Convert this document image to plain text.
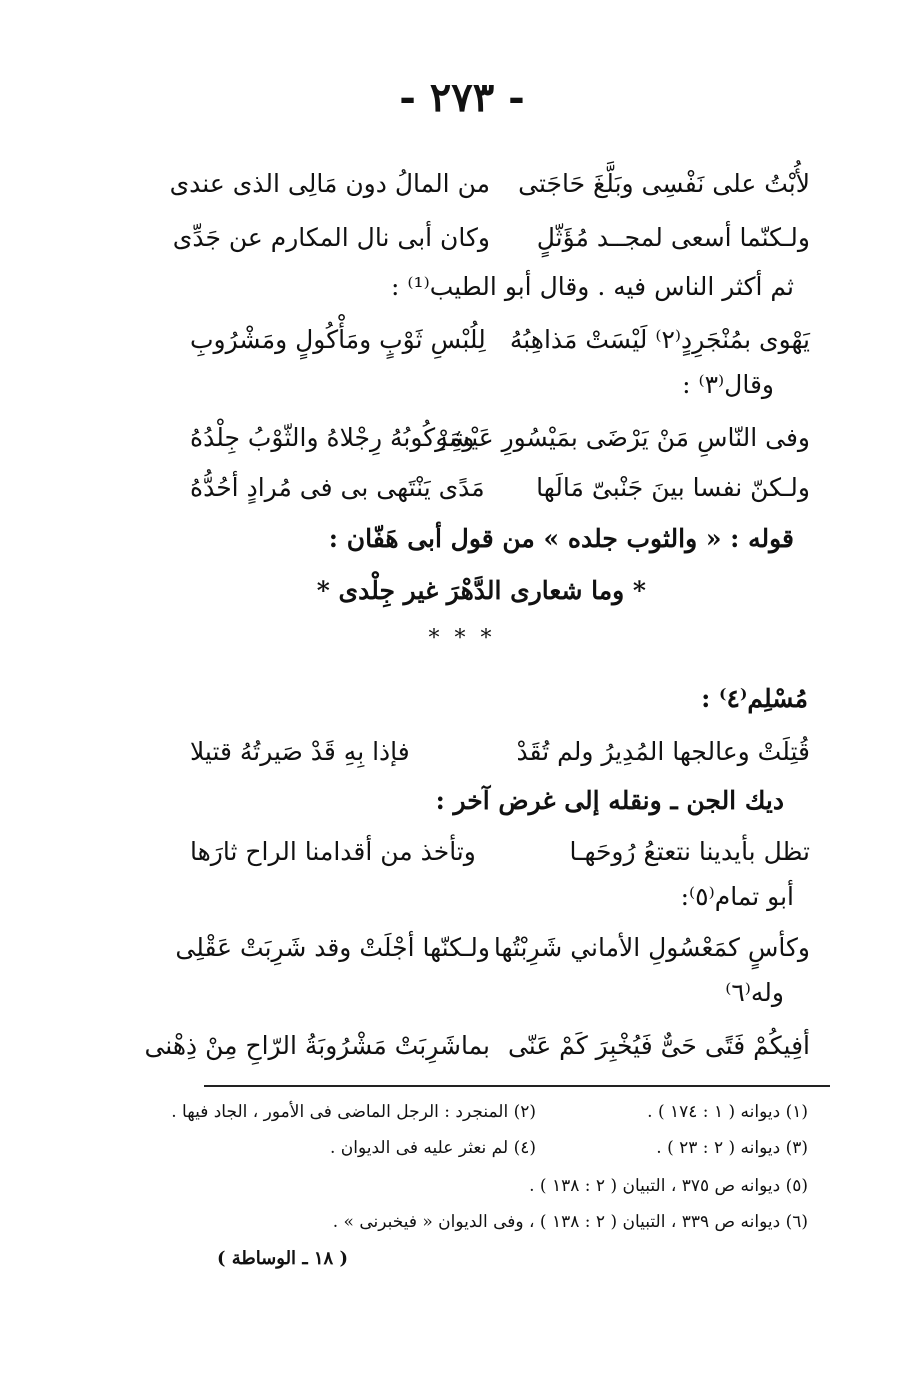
- ٢٧٣ -
لأُبْتُ على نَفْسِى وبَلَّغَ حَاجَتى
من المالُ دون مَالِى الذى عندى
ولـكنّما أسعى لمجــد مُؤَثّلٍ
وكان أبى نال المكارم عن جَدِّى
ثم أكثر الناس فيه . وقال أبو الطيب⁽¹⁾ :
يَهْوى بمُنْجَرِدٍ⁽٢⁾ لَيْسَتْ مَذاهِبُهُ
لِلُبْسِ ثَوْبٍ ومَأْكُولٍ ومَشْرُوبِ
وقال⁽٣⁾ :
وفى النّاسِ مَنْ يَرْضَى بمَيْسُورِ عَيْشِهِ
ومَرْكُوبُهُ رِجْلاهُ والثّوْبُ جِلْدُهُ
ولـكنّ نفسا بينَ جَنْبىّ مَالَها
مَدًى يَنْتَهى بى فى مُرادٍ أحُدُّهُ
قوله : « والثوب جلده » من قول أبى هَفّان :
* وما شعارى الدَّهْرَ غير جِلْدى *
* * *
مُسْلِم⁽٤⁾ :
قُتِلَتْ وعالجها المُدِيرُ ولم تُقَدْ
فإذا بِهِ قَدْ صَيرتُهُ قتيلا
ديك الجن ـ ونقله إلى غرض آخر :
تظل بأيدينا نتعتعُ رُوحَهـا
وتأخذ من أقدامنا الراح ثارَها
أبو تمام⁽٥⁾:
وكأسٍ كمَعْسُولِ الأماني شَرِبْتُها
ولـكنّها أجْلَتْ وقد شَرِبَتْ عَقْلِى
وله⁽٦⁾
أفِيكُمْ فَتًى حَىٌّ فَيُخْبِرَ كَمْ عَنّى
بماشَرِبَتْ مَشْرُوبَةُ الرّاحِ مِنْ ذِهْنى
(١) ديوانه ( ١ : ١٧٤ ) .
(٢) المنجرد : الرجل الماضى فى الأمور ، الجاد فيها .
(٣) ديوانه ( ٢ : ٢٣ ) .
(٤) لم نعثر عليه فى الديوان .
(٥) ديوانه ص ٣٧٥ ، التبيان ( ٢ : ١٣٨ ) .
(٦) ديوانه ص ٣٣٩ ، التبيان ( ٢ : ١٣٨ ) ، وفى الديوان « فيخبرنى » .
( ١٨ ـ الوساطة )
